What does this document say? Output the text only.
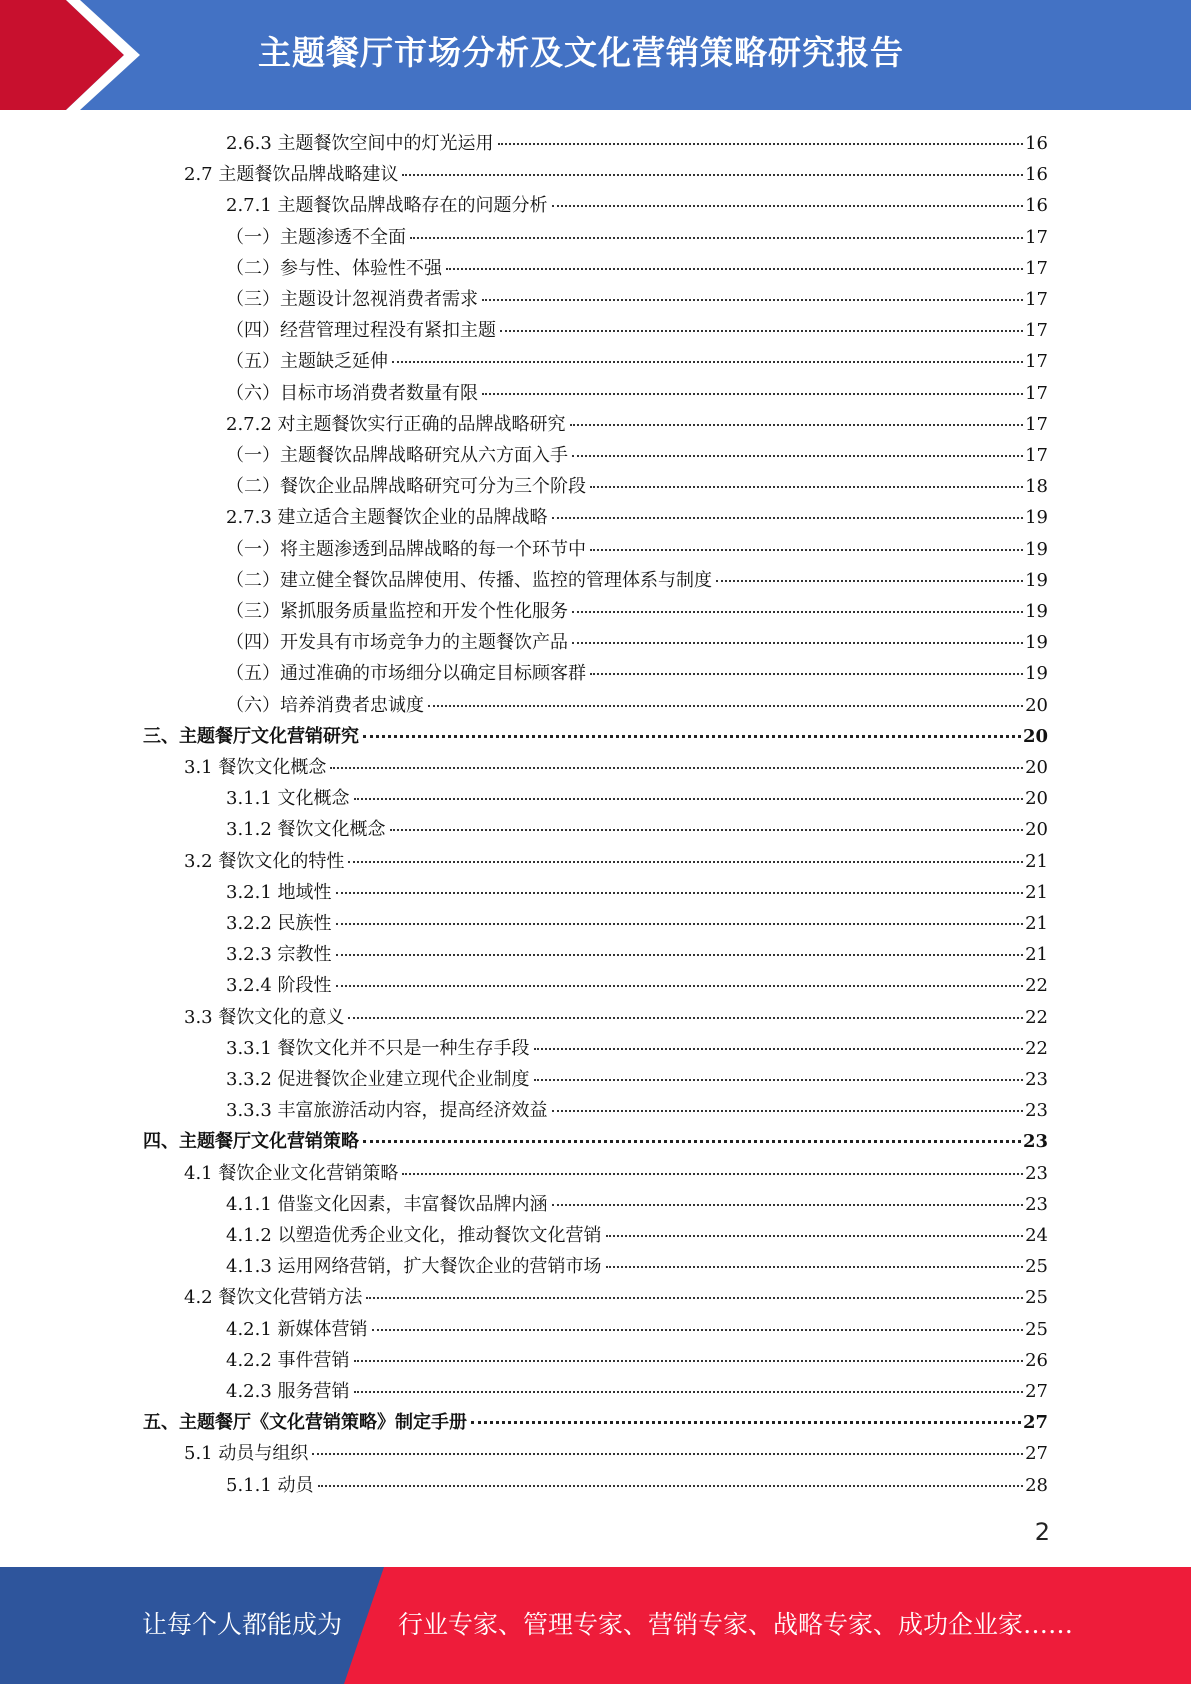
主题餐厅市场分析及文化营销策略研究报告
2.6.3 主题餐饮空间中的灯光运用	16
2.7 主题餐饮品牌战略建议	16
2.7.1 主题餐饮品牌战略存在的问题分析	16
（一）主题渗透不全面	17
（二）参与性、体验性不强	17
（三）主题设计忽视消费者需求	17
（四）经营管理过程没有紧扣主题	17
（五）主题缺乏延伸	17
（六）目标市场消费者数量有限	17
2.7.2 对主题餐饮实行正确的品牌战略研究	17
（一）主题餐饮品牌战略研究从六方面入手	17
（二）餐饮企业品牌战略研究可分为三个阶段	18
2.7.3 建立适合主题餐饮企业的品牌战略	19
（一）将主题渗透到品牌战略的每一个环节中	19
（二）建立健全餐饮品牌使用、传播、监控的管理体系与制度	19
（三）紧抓服务质量监控和开发个性化服务	19
（四）开发具有市场竞争力的主题餐饮产品	19
（五）通过准确的市场细分以确定目标顾客群	19
（六）培养消费者忠诚度	20
三、主题餐厅文化营销研究	20
3.1 餐饮文化概念	20
3.1.1 文化概念	20
3.1.2 餐饮文化概念	20
3.2 餐饮文化的特性	21
3.2.1 地域性	21
3.2.2 民族性	21
3.2.3 宗教性	21
3.2.4 阶段性	22
3.3 餐饮文化的意义	22
3.3.1 餐饮文化并不只是一种生存手段	22
3.3.2 促进餐饮企业建立现代企业制度	23
3.3.3 丰富旅游活动内容，提高经济效益	23
四、主题餐厅文化营销策略	23
4.1 餐饮企业文化营销策略	23
4.1.1 借鉴文化因素，丰富餐饮品牌内涵	23
4.1.2 以塑造优秀企业文化，推动餐饮文化营销	24
4.1.3 运用网络营销，扩大餐饮企业的营销市场	25
4.2 餐饮文化营销方法	25
4.2.1 新媒体营销	25
4.2.2 事件营销	26
4.2.3 服务营销	27
五、主题餐厅《文化营销策略》制定手册	27
5.1 动员与组织	27
5.1.1 动员	28
2
让每个人都能成为 行业专家、管理专家、营销专家、战略专家、成功企业家……
